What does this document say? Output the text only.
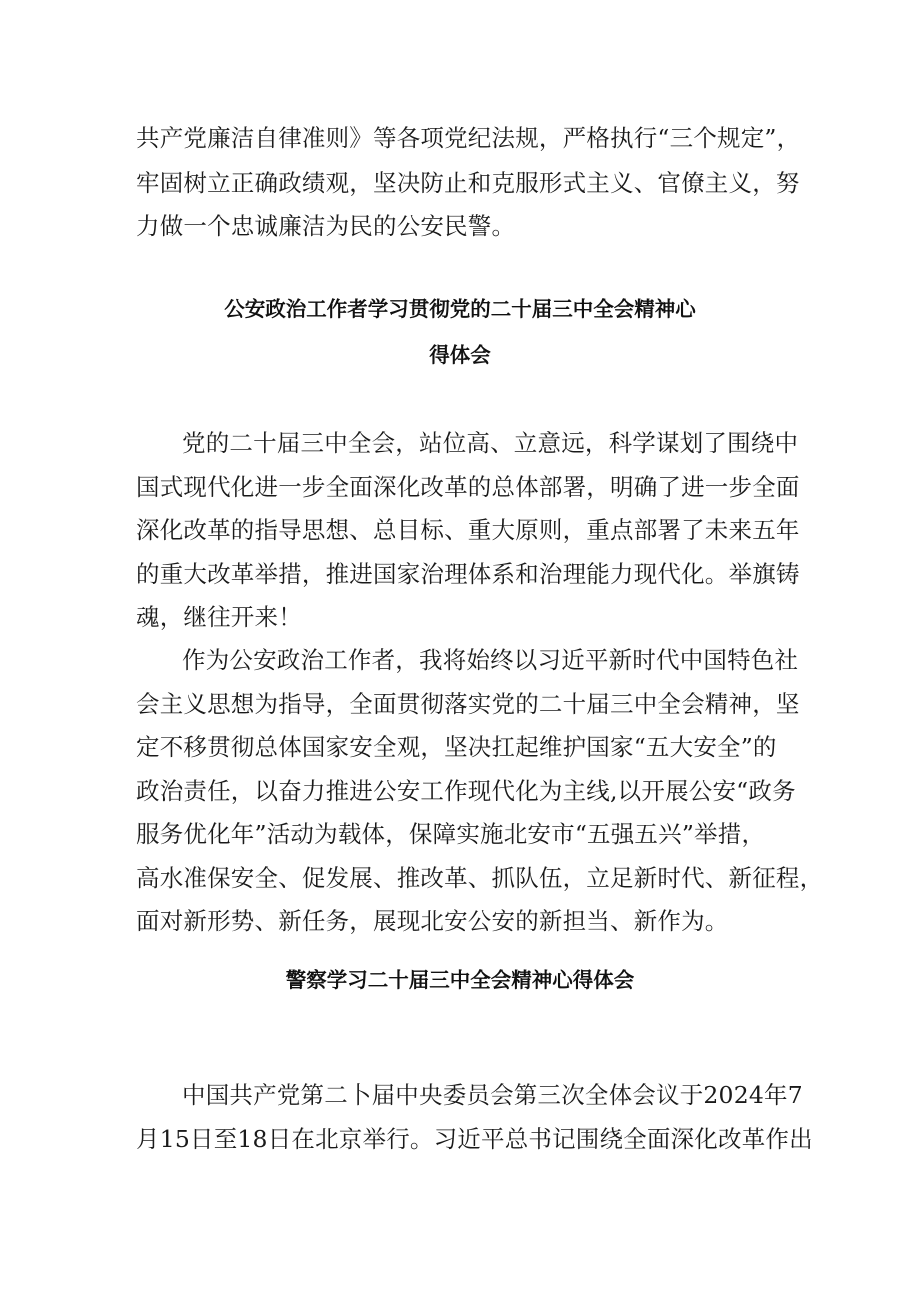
共产党廉洁自律准则》等各项党纪法规，严格执行“三个规定”，
牢固树立正确政绩观，坚决防止和克服形式主义、官僚主义，努
力做一个忠诚廉洁为民的公安民警。
公安政治工作者学习贯彻党的二十届三中全会精神心
得体会
党的二十届三中全会，站位高、立意远，科学谋划了围绕中
国式现代化进一步全面深化改革的总体部署，明确了进一步全面
深化改革的指导思想、总目标、重大原则，重点部署了未来五年
的重大改革举措，推进国家治理体系和治理能力现代化。举旗铸
魂，继往开来！
作为公安政治工作者，我将始终以习近平新时代中国特色社
会主义思想为指导，全面贯彻落实党的二十届三中全会精神，坚
定不移贯彻总体国家安全观，坚决扛起维护国家“五大安全”的
政治责任，以奋力推进公安工作现代化为主线,以开展公安“政务
服务优化年”活动为载体，保障实施北安市“五强五兴”举措，
高水准保安全、促发展、推改革、抓队伍，立足新时代、新征程，
面对新形势、新任务，展现北安公安的新担当、新作为。
警察学习二十届三中全会精神心得体会
中国共产党第二卜届中央委员会第三次全体会议于2024年7
月15日至18日在北京举行。习近平总书记围绕全面深化改革作出
